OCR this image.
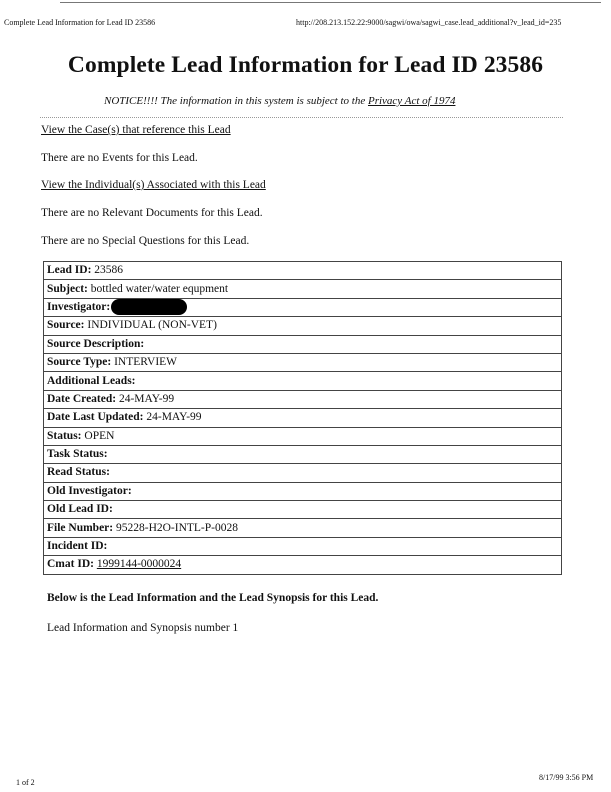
Complete Lead Information for Lead ID 23586	http://208.213.152.22:9000/sagwi/owa/sagwi_case.lead_additional?v_lead_id=235
Complete Lead Information for Lead ID 23586
NOTICE!!!! The information in this system is subject to the Privacy Act of 1974
View the Case(s) that reference this Lead
There are no Events for this Lead.
View the Individual(s) Associated with this Lead
There are no Relevant Documents for this Lead.
There are no Special Questions for this Lead.
Lead ID: 23586
Subject: bottled water/water equpment
Investigator:
Source: INDIVIDUAL (NON-VET)
Source Description:
Source Type: INTERVIEW
Additional Leads:
Date Created: 24-MAY-99
Date Last Updated: 24-MAY-99
Status: OPEN
Task Status:
Read Status:
Old Investigator:
Old Lead ID:
File Number: 95228-H2O-INTL-P-0028
Incident ID:
Cmat ID: 1999144-0000024
Below is the Lead Information and the Lead Synopsis for this Lead.
Lead Information and Synopsis number 1
1 of 2
8/17/99 3:56 PM
